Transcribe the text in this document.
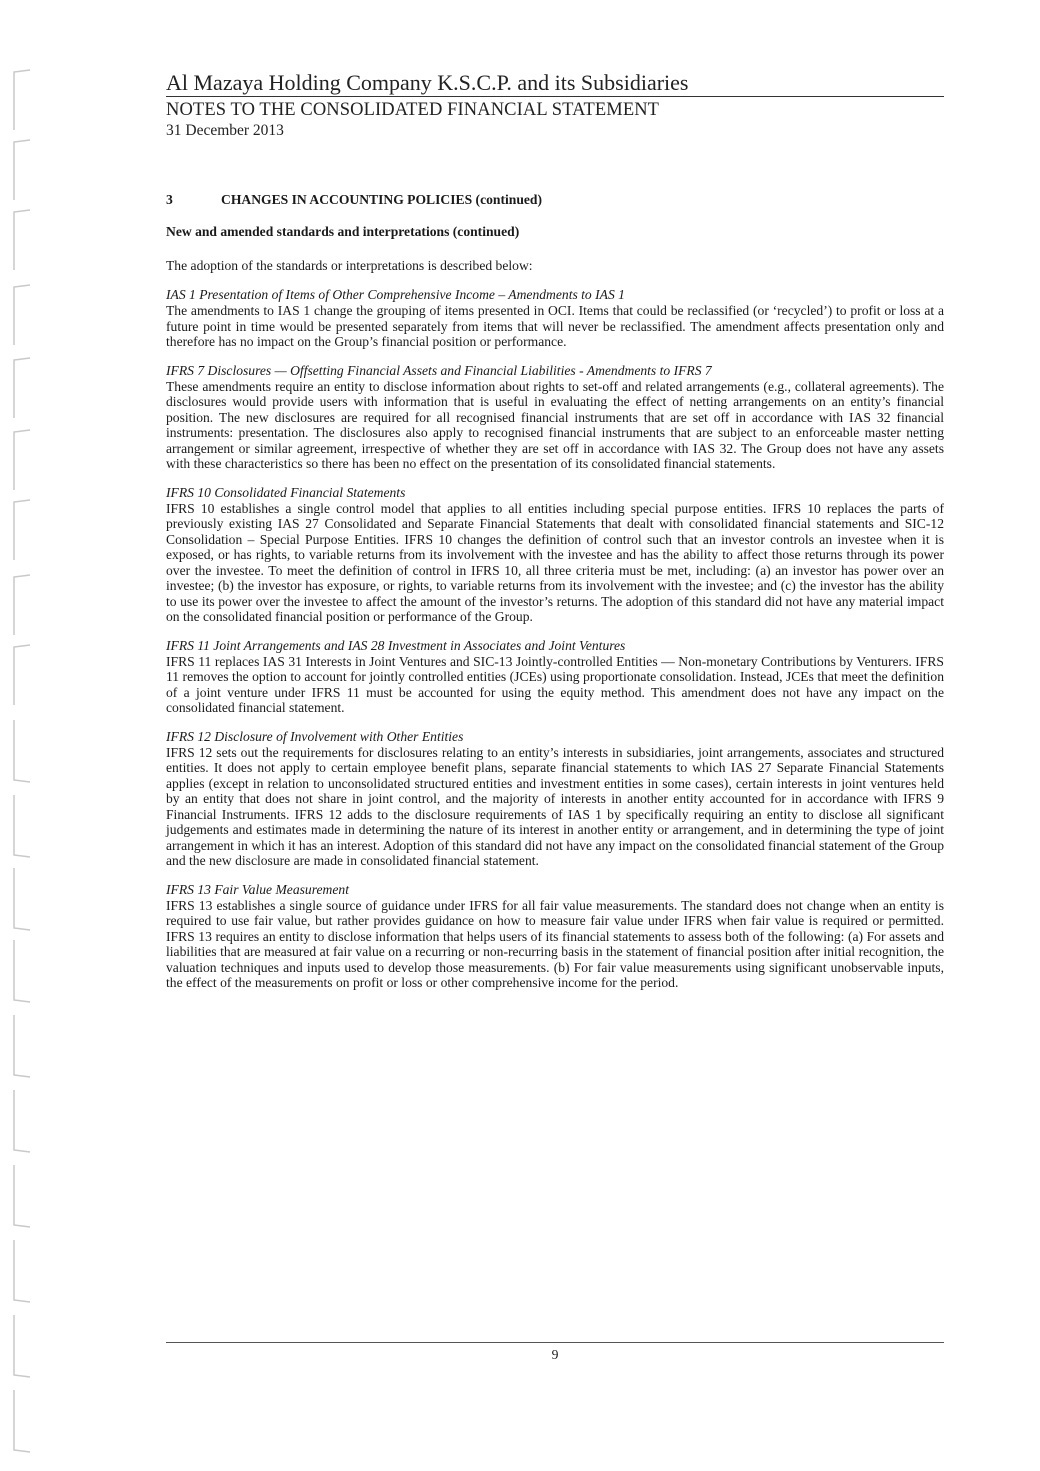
Al Mazaya Holding Company K.S.C.P. and its Subsidiaries
NOTES TO THE CONSOLIDATED FINANCIAL STATEMENT
31 December 2013
3	CHANGES IN ACCOUNTING POLICIES (continued)
New and amended standards and interpretations (continued)
The adoption of the standards or interpretations is described below:
IAS 1 Presentation of Items of Other Comprehensive Income – Amendments to IAS 1
The amendments to IAS 1 change the grouping of items presented in OCI. Items that could be reclassified (or ‘recycled’) to profit or loss at a future point in time would be presented separately from items that will never be reclassified. The amendment affects presentation only and therefore has no impact on the Group’s financial position or performance.
IFRS 7 Disclosures — Offsetting Financial Assets and Financial Liabilities - Amendments to IFRS 7
These amendments require an entity to disclose information about rights to set-off and related arrangements (e.g., collateral agreements). The disclosures would provide users with information that is useful in evaluating the effect of netting arrangements on an entity’s financial position. The new disclosures are required for all recognised financial instruments that are set off in accordance with IAS 32 financial instruments: presentation. The disclosures also apply to recognised financial instruments that are subject to an enforceable master netting arrangement or similar agreement, irrespective of whether they are set off in accordance with IAS 32. The Group does not have any assets with these characteristics so there has been no effect on the presentation of its consolidated financial statements.
IFRS 10 Consolidated Financial Statements
IFRS 10 establishes a single control model that applies to all entities including special purpose entities. IFRS 10 replaces the parts of previously existing IAS 27 Consolidated and Separate Financial Statements that dealt with consolidated financial statements and SIC-12 Consolidation – Special Purpose Entities. IFRS 10 changes the definition of control such that an investor controls an investee when it is exposed, or has rights, to variable returns from its involvement with the investee and has the ability to affect those returns through its power over the investee. To meet the definition of control in IFRS 10, all three criteria must be met, including: (a) an investor has power over an investee; (b) the investor has exposure, or rights, to variable returns from its involvement with the investee; and (c) the investor has the ability to use its power over the investee to affect the amount of the investor’s returns. The adoption of this standard did not have any material impact on the consolidated financial position or performance of the Group.
IFRS 11 Joint Arrangements and IAS 28 Investment in Associates and Joint Ventures
IFRS 11 replaces IAS 31 Interests in Joint Ventures and SIC-13 Jointly-controlled Entities — Non-monetary Contributions by Venturers. IFRS 11 removes the option to account for jointly controlled entities (JCEs) using proportionate consolidation. Instead, JCEs that meet the definition of a joint venture under IFRS 11 must be accounted for using the equity method. This amendment does not have any impact on the consolidated financial statement.
IFRS 12 Disclosure of Involvement with Other Entities
IFRS 12 sets out the requirements for disclosures relating to an entity’s interests in subsidiaries, joint arrangements, associates and structured entities. It does not apply to certain employee benefit plans, separate financial statements to which IAS 27 Separate Financial Statements applies (except in relation to unconsolidated structured entities and investment entities in some cases), certain interests in joint ventures held by an entity that does not share in joint control, and the majority of interests in another entity accounted for in accordance with IFRS 9 Financial Instruments. IFRS 12 adds to the disclosure requirements of IAS 1 by specifically requiring an entity to disclose all significant judgements and estimates made in determining the nature of its interest in another entity or arrangement, and in determining the type of joint arrangement in which it has an interest. Adoption of this standard did not have any impact on the consolidated financial statement of the Group and the new disclosure are made in consolidated financial statement.
IFRS 13 Fair Value Measurement
IFRS 13 establishes a single source of guidance under IFRS for all fair value measurements. The standard does not change when an entity is required to use fair value, but rather provides guidance on how to measure fair value under IFRS when fair value is required or permitted. IFRS 13 requires an entity to disclose information that helps users of its financial statements to assess both of the following: (a) For assets and liabilities that are measured at fair value on a recurring or non-recurring basis in the statement of financial position after initial recognition, the valuation techniques and inputs used to develop those measurements. (b) For fair value measurements using significant unobservable inputs, the effect of the measurements on profit or loss or other comprehensive income for the period.
9
